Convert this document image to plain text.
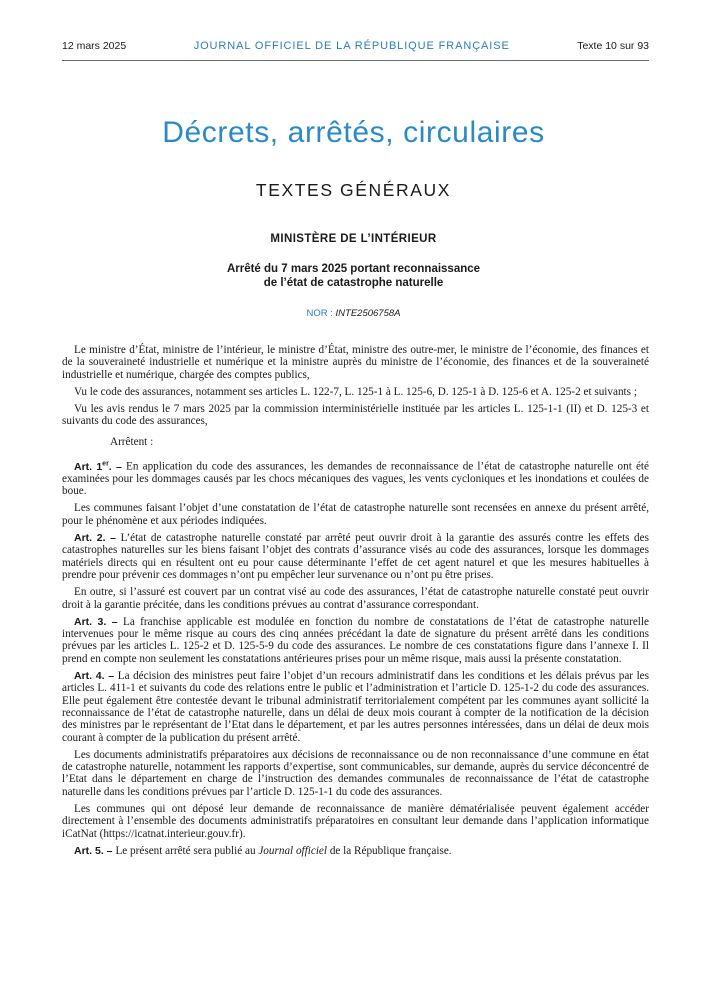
12 mars 2025	JOURNAL OFFICIEL DE LA RÉPUBLIQUE FRANÇAISE	Texte 10 sur 93
Décrets, arrêtés, circulaires
TEXTES GÉNÉRAUX
MINISTÈRE DE L’INTÉRIEUR
Arrêté du 7 mars 2025 portant reconnaissance
de l’état de catastrophe naturelle
NOR : INTE2506758A

Le ministre d’État, ministre de l’intérieur, le ministre d’État, ministre des outre-mer, le ministre de l’économie, des finances et de la souveraineté industrielle et numérique et la ministre auprès du ministre de l’économie, des finances et de la souveraineté industrielle et numérique, chargée des comptes publics,

Vu le code des assurances, notamment ses articles L. 122-7, L. 125-1 à L. 125-6, D. 125-1 à D. 125-6 et A. 125-2 et suivants ;

Vu les avis rendus le 7 mars 2025 par la commission interministérielle instituée par les articles L. 125-1-1 (II) et D. 125-3 et suivants du code des assurances,

Arrêtent :

Art. 1er. – En application du code des assurances, les demandes de reconnaissance de l’état de catastrophe naturelle ont été examinées pour les dommages causés par les chocs mécaniques des vagues, les vents cycloniques et les inondations et coulées de boue.

Les communes faisant l’objet d’une constatation de l’état de catastrophe naturelle sont recensées en annexe du présent arrêté, pour le phénomène et aux périodes indiquées.

Art. 2. – L’état de catastrophe naturelle constaté par arrêté peut ouvrir droit à la garantie des assurés contre les effets des catastrophes naturelles sur les biens faisant l’objet des contrats d’assurance visés au code des assurances, lorsque les dommages matériels directs qui en résultent ont eu pour cause déterminante l’effet de cet agent naturel et que les mesures habituelles à prendre pour prévenir ces dommages n’ont pu empêcher leur survenance ou n’ont pu être prises.

En outre, si l’assuré est couvert par un contrat visé au code des assurances, l’état de catastrophe naturelle constaté peut ouvrir droit à la garantie précitée, dans les conditions prévues au contrat d’assurance correspondant.

Art. 3. – La franchise applicable est modulée en fonction du nombre de constatations de l’état de catastrophe naturelle intervenues pour le même risque au cours des cinq années précédant la date de signature du présent arrêté dans les conditions prévues par les articles L. 125-2 et D. 125-5-9 du code des assurances. Le nombre de ces constatations figure dans l’annexe I. Il prend en compte non seulement les constatations antérieures prises pour un même risque, mais aussi la présente constatation.

Art. 4. – La décision des ministres peut faire l’objet d’un recours administratif dans les conditions et les délais prévus par les articles L. 411-1 et suivants du code des relations entre le public et l’administration et l’article D. 125-1-2 du code des assurances. Elle peut également être contestée devant le tribunal administratif territorialement compétent par les communes ayant sollicité la reconnaissance de l’état de catastrophe naturelle, dans un délai de deux mois courant à compter de la notification de la décision des ministres par le représentant de l’Etat dans le département, et par les autres personnes intéressées, dans un délai de deux mois courant à compter de la publication du présent arrêté.

Les documents administratifs préparatoires aux décisions de reconnaissance ou de non reconnaissance d’une commune en état de catastrophe naturelle, notamment les rapports d’expertise, sont communicables, sur demande, auprès du service déconcentré de l’Etat dans le département en charge de l’instruction des demandes communales de reconnaissance de l’état de catastrophe naturelle dans les conditions prévues par l’article D. 125-1-1 du code des assurances.

Les communes qui ont déposé leur demande de reconnaissance de manière dématérialisée peuvent également accéder directement à l’ensemble des documents administratifs préparatoires en consultant leur demande dans l’application informatique iCatNat (https://icatnat.interieur.gouv.fr).

Art. 5. – Le présent arrêté sera publié au Journal officiel de la République française.
